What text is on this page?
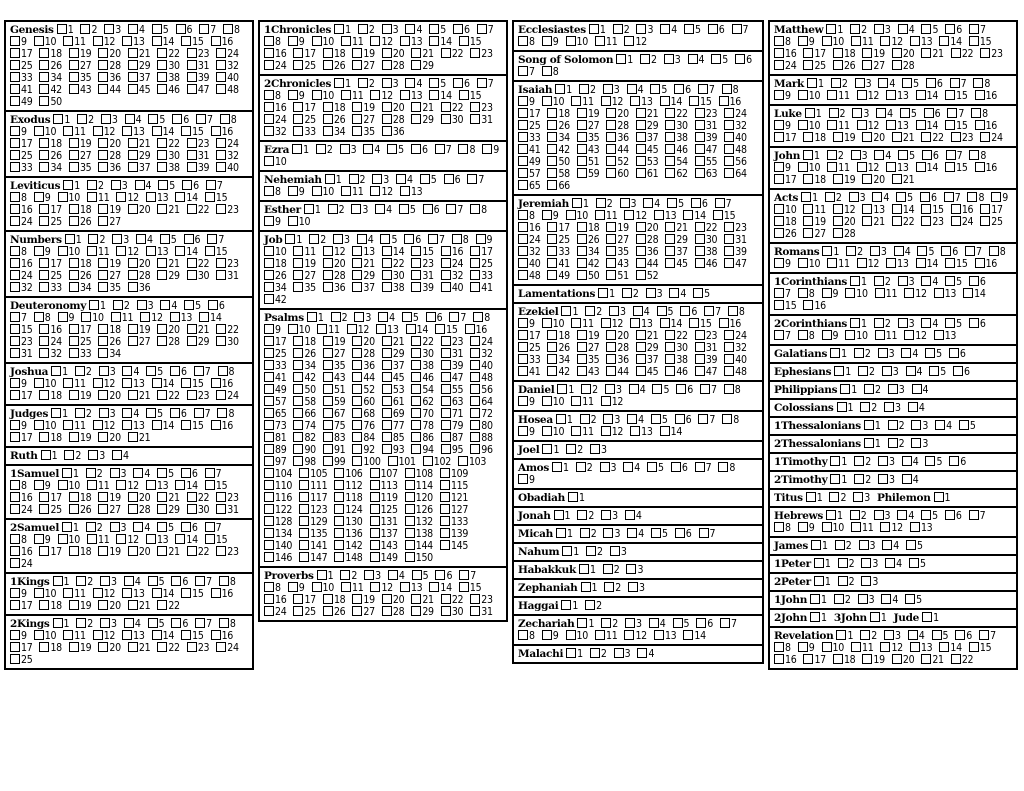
Genesis 1 2 3 4 5 6 7 8 9 10 11 12 13 14 15 16 17 18 19 20 21 22 23 24 25 26 27 28 29 30 31 32 33 34 35 36 37 38 39 40 41 42 43 44 45 46 47 48 49 50
Exodus 1 2 3 4 5 6 7 8 9 10 11 12 13 14 15 16 17 18 19 20 21 22 23 24 25 26 27 28 29 30 31 32 33 34 35 36 37 38 39 40
Leviticus 1 2 3 4 5 6 7 8 9 10 11 12 13 14 15 16 17 18 19 20 21 22 23 24 25 26 27
Numbers 1 2 3 4 5 6 7 8 9 10 11 12 13 14 15 16 17 18 19 20 21 22 23 24 25 26 27 28 29 30 31 32 33 34 35 36
Deuteronomy 1 2 3 4 5 6 7 8 9 10 11 12 13 14 15 16 17 18 19 20 21 22 23 24 25 26 27 28 29 30 31 32 33 34
Joshua 1 2 3 4 5 6 7 8 9 10 11 12 13 14 15 16 17 18 19 20 21 22 23 24
Judges 1 2 3 4 5 6 7 8 9 10 11 12 13 14 15 16 17 18 19 20 21
Ruth 1 2 3 4
1Samuel 1 2 3 4 5 6 7 8 9 10 11 12 13 14 15 16 17 18 19 20 21 22 23 24 25 26 27 28 29 30 31
2Samuel 1 2 3 4 5 6 7 8 9 10 11 12 13 14 15 16 17 18 19 20 21 22 23 24
1Kings 1 2 3 4 5 6 7 8 9 10 11 12 13 14 15 16 17 18 19 20 21 22
2Kings 1 2 3 4 5 6 7 8 9 10 11 12 13 14 15 16 17 18 19 20 21 22 23 24 25
1Chronicles 1 2 3 4 5 6 7 8 9 10 11 12 13 14 15 16 17 18 19 20 21 22 23 24 25 26 27 28 29
2Chronicles 1 2 3 4 5 6 7 8 9 10 11 12 13 14 15 16 17 18 19 20 21 22 23 24 25 26 27 28 29 30 31 32 33 34 35 36
Ezra 1 2 3 4 5 6 7 8 9 10
Nehemiah 1 2 3 4 5 6 7 8 9 10 11 12 13
Esther 1 2 3 4 5 6 7 8 9 10
Job 1 2 3 4 5 6 7 8 9 10 11 12 13 14 15 16 17 18 19 20 21 22 23 24 25 26 27 28 29 30 31 32 33 34 35 36 37 38 39 40 41 42
Psalms 1 2 3 4 5 6 7 8 9 10 11 12 13 14 15 16 17 18 19 20 21 22 23 24 25 26 27 28 29 30 31 32 33 34 35 36 37 38 39 40 41 42 43 44 45 46 47 48 49 50 51 52 53 54 55 56 57 58 59 60 61 62 63 64 65 66 67 68 69 70 71 72 73 74 75 76 77 78 79 80 81 82 83 84 85 86 87 88 89 90 91 92 93 94 95 96 97 98 99 100 101 102 103 104 105 106 107 108 109 110 111 112 113 114 115 116 117 118 119 120 121 122 123 124 125 126 127 128 129 130 131 132 133 134 135 136 137 138 139 140 141 142 143 144 145 146 147 148 149 150
Proverbs 1 2 3 4 5 6 7 8 9 10 11 12 13 14 15 16 17 18 19 20 21 22 23 24 25 26 27 28 29 30 31
Ecclesiastes 1 2 3 4 5 6 7 8 9 10 11 12
Song of Solomon 1 2 3 4 5 6 7 8
Isaiah 1 2 3 4 5 6 7 8 9 10 11 12 13 14 15 16 17 18 19 20 21 22 23 24 25 26 27 28 29 30 31 32 33 34 35 36 37 38 39 40 41 42 43 44 45 46 47 48 49 50 51 52 53 54 55 56 57 58 59 60 61 62 63 64 65 66
Jeremiah 1 2 3 4 5 6 7 8 9 10 11 12 13 14 15 16 17 18 19 20 21 22 23 24 25 26 27 28 29 30 31 32 33 34 35 36 37 38 39 40 41 42 43 44 45 46 47 48 49 50 51 52
Lamentations 1 2 3 4 5
Ezekiel 1 2 3 4 5 6 7 8 9 10 11 12 13 14 15 16 17 18 19 20 21 22 23 24 25 26 27 28 29 30 31 32 33 34 35 36 37 38 39 40 41 42 43 44 45 46 47 48
Daniel 1 2 3 4 5 6 7 8 9 10 11 12
Hosea 1 2 3 4 5 6 7 8 9 10 11 12 13 14
Joel 1 2 3
Amos 1 2 3 4 5 6 7 8 9
Obadiah 1
Jonah 1 2 3 4
Micah 1 2 3 4 5 6 7
Nahum 1 2 3
Habakkuk 1 2 3
Zephaniah 1 2 3
Haggai 1 2
Zechariah 1 2 3 4 5 6 7 8 9 10 11 12 13 14
Malachi 1 2 3 4
Matthew 1 2 3 4 5 6 7 8 9 10 11 12 13 14 15 16 17 18 19 20 21 22 23 24 25 26 27 28
Mark 1 2 3 4 5 6 7 8 9 10 11 12 13 14 15 16
Luke 1 2 3 4 5 6 7 8 9 10 11 12 13 14 15 16 17 18 19 20 21 22 23 24
John 1 2 3 4 5 6 7 8 9 10 11 12 13 14 15 16 17 18 19 20 21
Acts 1 2 3 4 5 6 7 8 9 10 11 12 13 14 15 16 17 18 19 20 21 22 23 24 25 26 27 28
Romans 1 2 3 4 5 6 7 8 9 10 11 12 13 14 15 16
1Corinthians 1 2 3 4 5 6 7 8 9 10 11 12 13 14 15 16
2Corinthians 1 2 3 4 5 6 7 8 9 10 11 12 13
Galatians 1 2 3 4 5 6
Ephesians 1 2 3 4 5 6
Philippians 1 2 3 4
Colossians 1 2 3 4
1Thessalonians 1 2 3 4 5
2Thessalonians 1 2 3
1Timothy 1 2 3 4 5 6
2Timothy 1 2 3 4
Titus 1 2 3 Philemon 1
Hebrews 1 2 3 4 5 6 7 8 9 10 11 12 13
James 1 2 3 4 5
1Peter 1 2 3 4 5
2Peter 1 2 3
1John 1 2 3 4 5
2John 1 3John 1 Jude 1
Revelation 1 2 3 4 5 6 7 8 9 10 11 12 13 14 15 16 17 18 19 20 21 22
